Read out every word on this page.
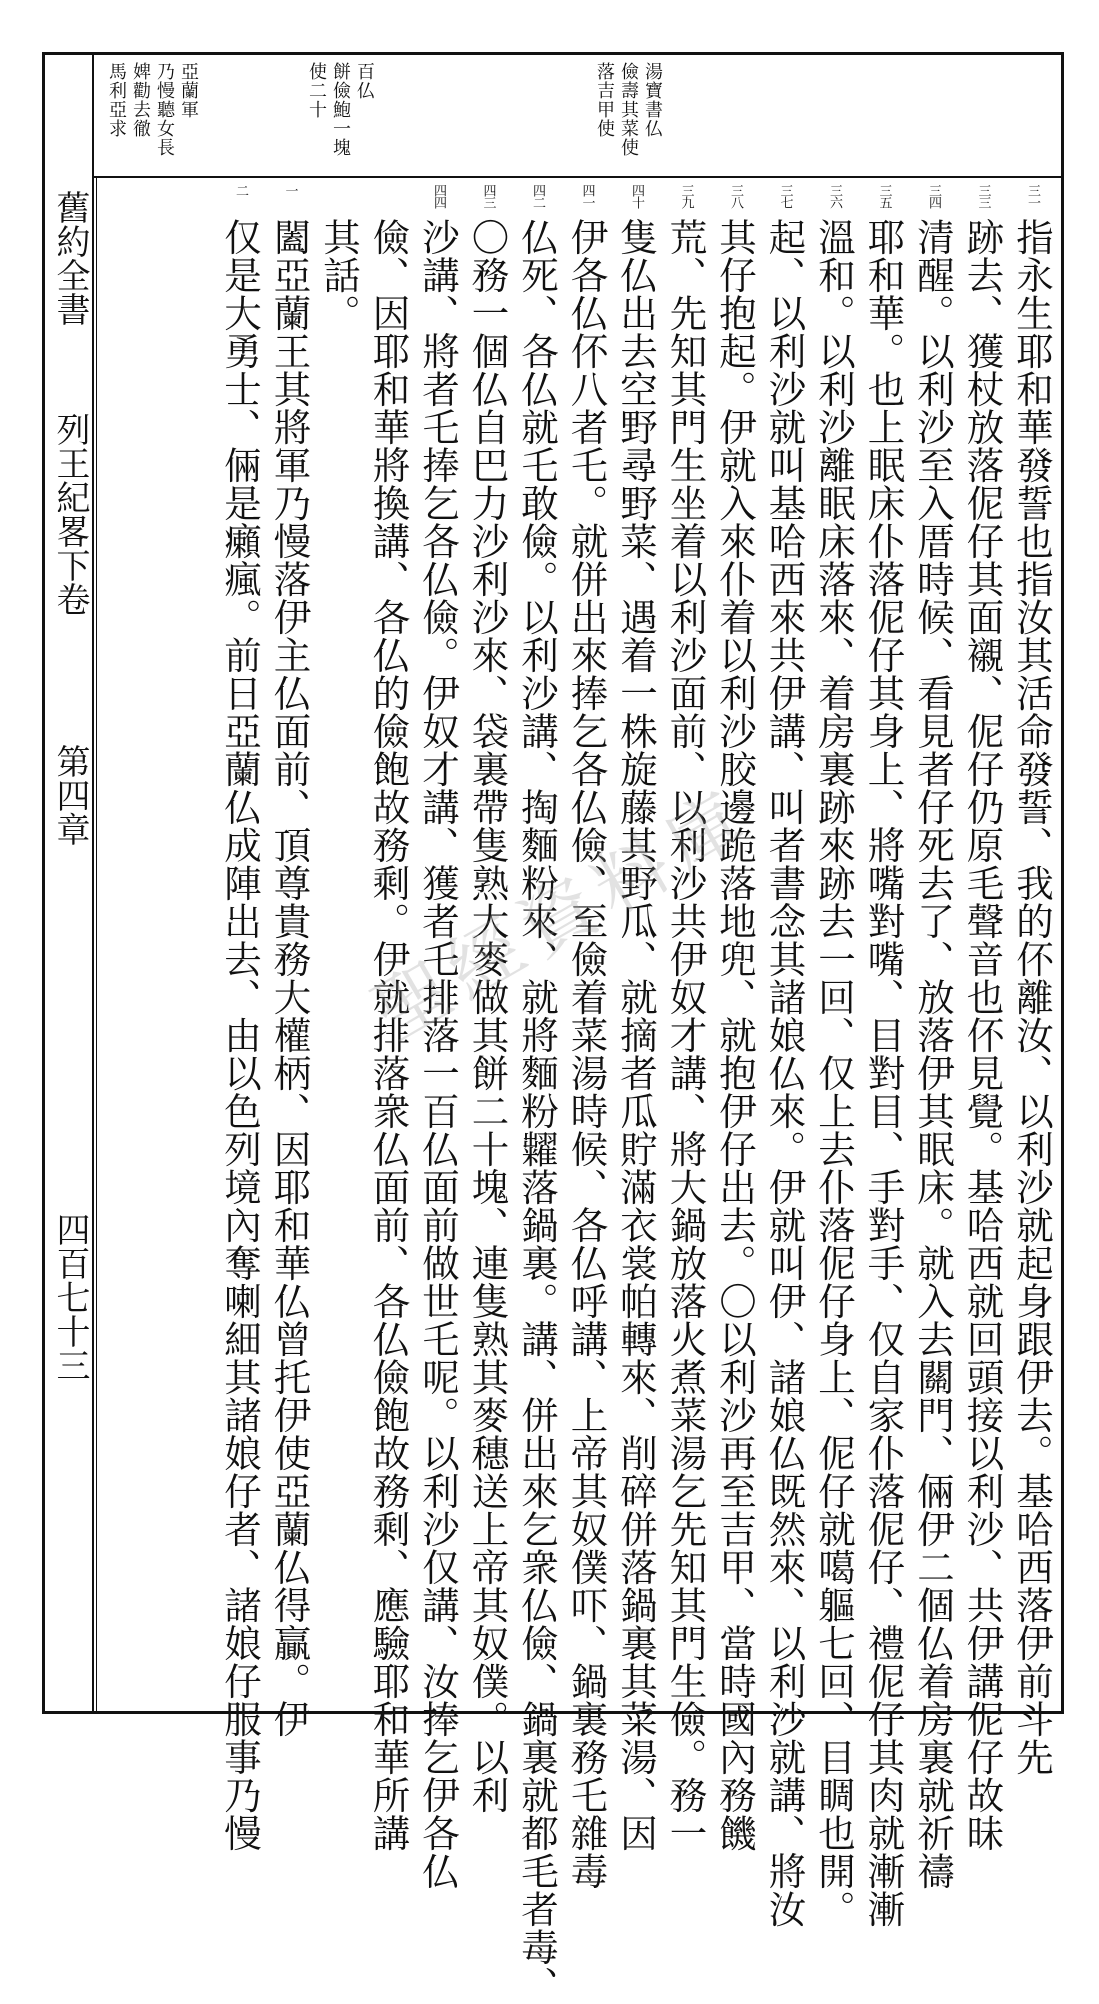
落吉甲使 儉壽其菜使 湯寶書仏
使二十 餅儉鮑一塊 百仏
馬利亞求 婢勸去徹 乃慢聽女長 亞蘭軍
舊約全書
列王紀畧下卷
第四章
四百七十三
三一
指永生耶和華發誓也指汝其活命發誓、我的伓離汝、以利沙就起身跟伊去。基哈西落伊前斗先
三三
跡去、獲杖放落伲仔其面襯、伲仔仍原毛聲音也伓見覺。基哈西就回頭接以利沙、共伊講伲仔故昧
三四
清醒。以利沙至入厝時候、看見者仔死去了、放落伊其眠床。就入去關門、倆伊二個仏着房裏就祈禱
三五
耶和華。也上眠床仆落伲仔其身上、將嘴對嘴、目對目、手對手、仅自家仆落伲仔、禮伲仔其肉就漸漸
三六
溫和。以利沙離眠床落來、着房裏跡來跡去一回、仅上去仆落伲仔身上、伲仔就噶軀七回、目睭也開。
三七
起、以利沙就叫基哈西來共伊講、叫者書念其諸娘仏來。伊就叫伊、諸娘仏既然來、以利沙就講、將汝
三八
其仔抱起。伊就入來仆着以利沙胶邊跪落地兜、就抱伊仔出去。〇以利沙再至吉甲、當時國內務饑
三九
荒、先知其門生坐着以利沙面前、以利沙共伊奴才講、將大鍋放落火煮菜湯乞先知其門生儉。務一
四十
隻仏出去空野尋野菜、遇着一株旋藤其野瓜、就摘者瓜貯滿衣裳帕轉來、削碎併落鍋裏其菜湯、因
四一
伊各仏伓八者乇。就併出來捧乞各仏儉、至儉着菜湯時候、各仏呼講、上帝其奴僕吓、鍋裏務乇雜毒
四二
仏死、各仏就乇敢儉。以利沙講、掏麵粉來、就將麵粉糶落鍋裏。講、併出來乞衆仏儉、鍋裏就都毛者毒、
四三
〇務一個仏自巴力沙利沙來、袋裏帶隻熟大麥做其餅二十塊、連隻熟其麥穗送上帝其奴僕。以利
四四
沙講、將者乇捧乞各仏儉。伊奴才講、獲者乇排落一百仏面前做世乇呢。以利沙仅講、汝捧乞伊各仏
儉、因耶和華將換講、各仏的儉飽故務剩。伊就排落衆仏面前、各仏儉飽故務剩、應驗耶和華所講
其話。
一
闔亞蘭王其將軍乃慢落伊主仏面前、頂尊貴務大權柄、因耶和華仏曾托伊使亞蘭仏得贏。伊
二
仅是大勇士、倆是癩瘋。前日亞蘭仏成陣出去、由以色列境內奪喇細其諸娘仔者、諸娘仔服事乃慢	聖經資料庫
